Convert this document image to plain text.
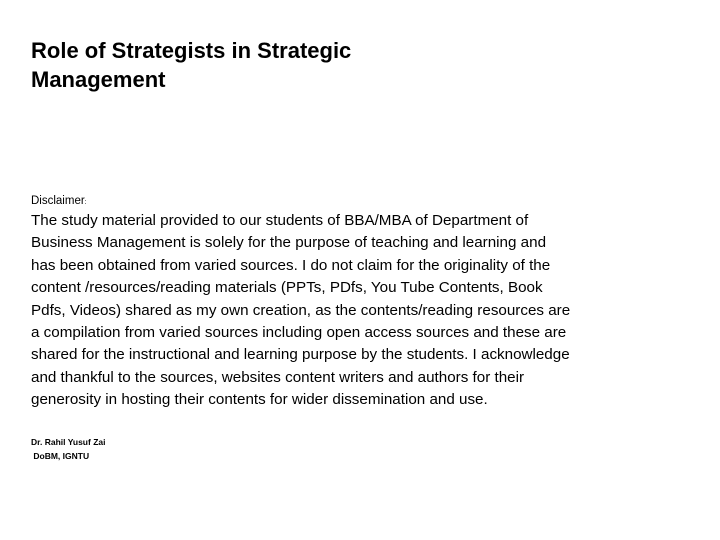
Role of Strategists in Strategic Management
Disclaimer:

The study material provided to our students of BBA/MBA of Department of Business Management is solely for the purpose of teaching and learning and has been obtained from varied sources. I do not claim for the originality of the content /resources/reading materials (PPTs, PDfs, You Tube Contents, Book Pdfs, Videos) shared as my own creation, as the contents/reading resources are a compilation from varied sources including open access sources and these are shared for the instructional and learning purpose by the students. I acknowledge and thankful to the sources, websites content writers and authors for their generosity in hosting their contents for wider dissemination and use.

Dr. Rahil Yusuf Zai
DoBM, IGNTU
